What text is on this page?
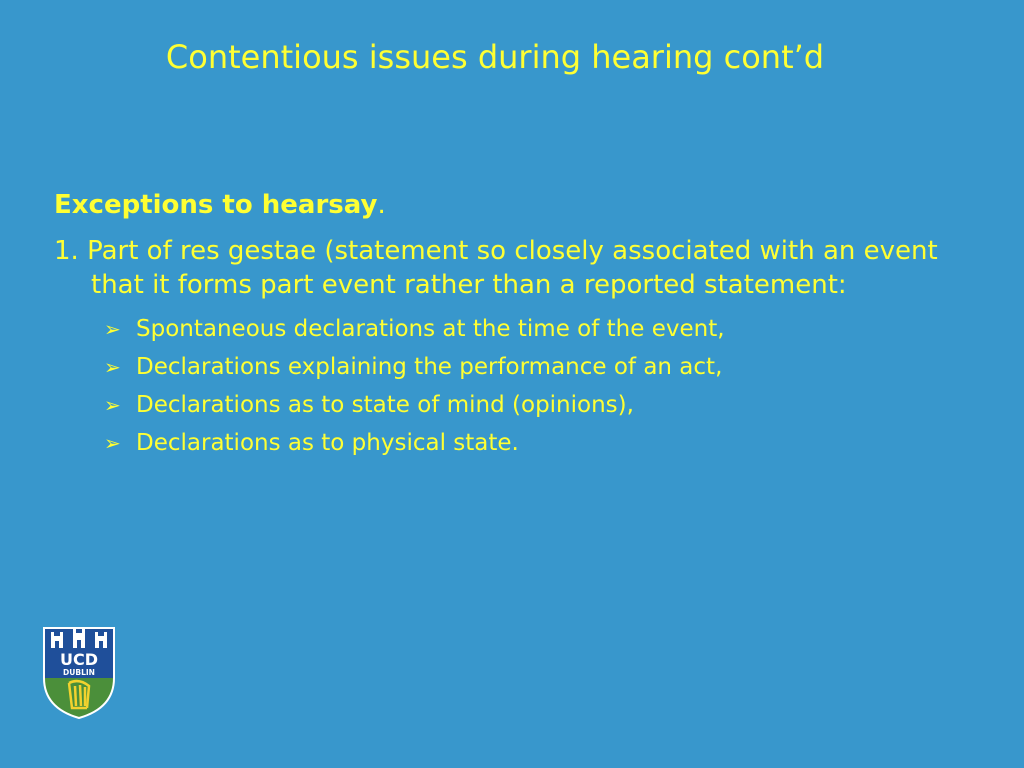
Contentious issues during hearing cont’d

Exceptions to hearsay.

1. Part of res gestae (statement so closely associated with an event that it forms part event rather than a reported statement:

➢ Spontaneous declarations at the time of the event,
➢ Declarations explaining the performance of an act,
➢ Declarations as to state of mind (opinions),
➢ Declarations as to physical state.
UCD
DUBLIN
